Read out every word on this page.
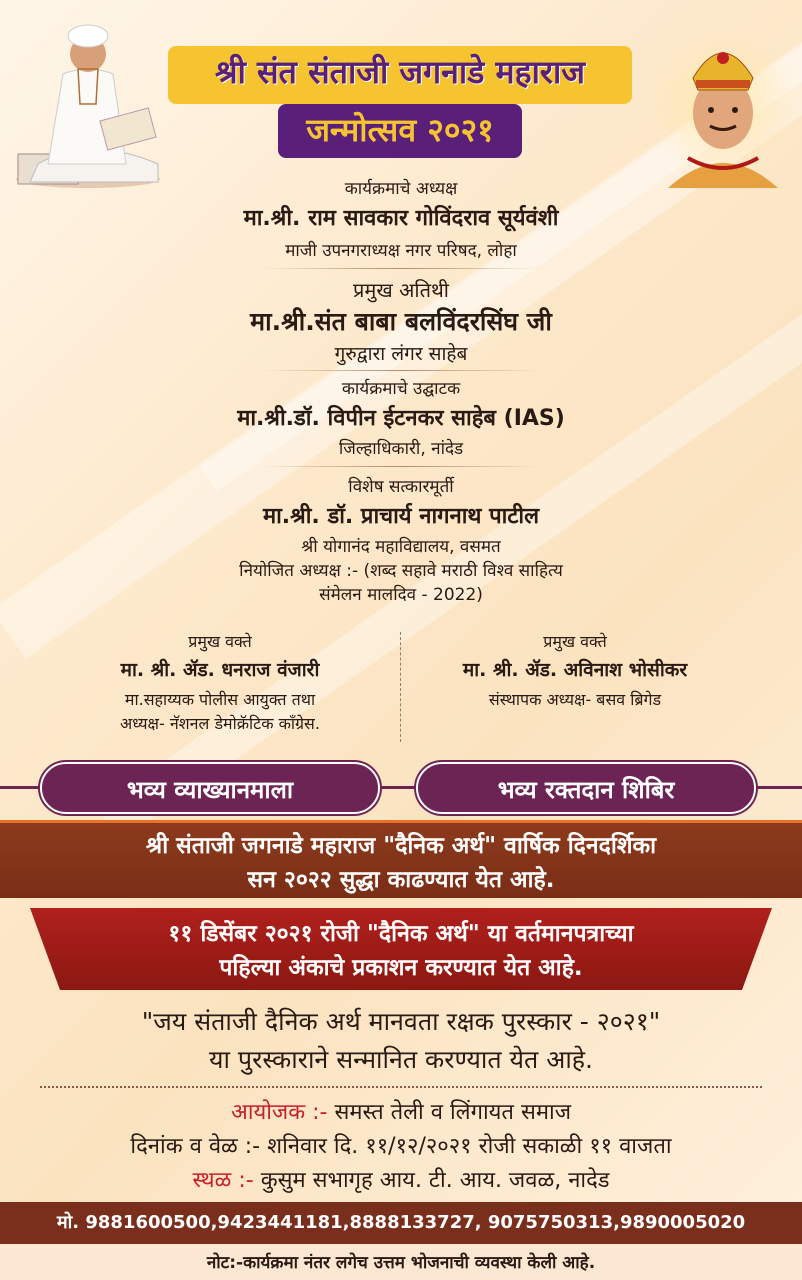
श्री संत संताजी जगनाडे महाराज
जन्मोत्सव २०२१
कार्यक्रमाचे अध्यक्ष
मा.श्री. राम सावकार गोविंदराव सूर्यवंशी
माजी उपनगराध्यक्ष नगर परिषद, लोहा
प्रमुख अतिथी
मा.श्री.संत बाबा बलविंदरसिंघ जी
गुरुद्वारा लंगर साहेब
कार्यक्रमाचे उद्घाटक
मा.श्री.डॉ. विपीन ईटनकर साहेब (IAS)
जिल्हाधिकारी, नांदेड
विशेष सत्कारमूर्ती
मा.श्री. डॉ. प्राचार्य नागनाथ पाटील
श्री योगानंद महाविद्यालय, वसमत
नियोजित अध्यक्ष :- (शब्द सहावे मराठी विश्व साहित्य
संमेलन मालदिव - 2022)
प्रमुख वक्ते
मा. श्री. ॲड. धनराज वंजारी
मा.सहाय्यक पोलीस आयुक्त तथा
अध्यक्ष- नॅशनल डेमोक्रॅटिक काँग्रेस.
प्रमुख वक्ते
मा. श्री. ॲड. अविनाश भोसीकर
संस्थापक अध्यक्ष- बसव ब्रिगेड
भव्य व्याख्यानमाला	भव्य रक्तदान शिबिर
श्री संताजी जगनाडे महाराज "दैनिक अर्थ" वार्षिक दिनदर्शिका
सन २०२२ सुद्धा काढण्यात येत आहे.
११ डिसेंबर २०२१ रोजी "दैनिक अर्थ" या वर्तमानपत्राच्या
पहिल्या अंकाचे प्रकाशन करण्यात येत आहे.
"जय संताजी दैनिक अर्थ मानवता रक्षक पुरस्कार - २०२१"
या पुरस्काराने सन्मानित करण्यात येत आहे.
आयोजक :- समस्त तेली व लिंगायत समाज
दिनांक व वेळ :- शनिवार दि. ११/१२/२०२१ रोजी सकाळी ११ वाजता
स्थळ :- कुसुम सभागृह आय. टी. आय. जवळ, नादेड
मो. 9881600500,9423441181,8888133727, 9075750313,9890005020
नोट:-कार्यक्रमा नंतर लगेच उत्तम भोजनाची व्यवस्था केली आहे.
